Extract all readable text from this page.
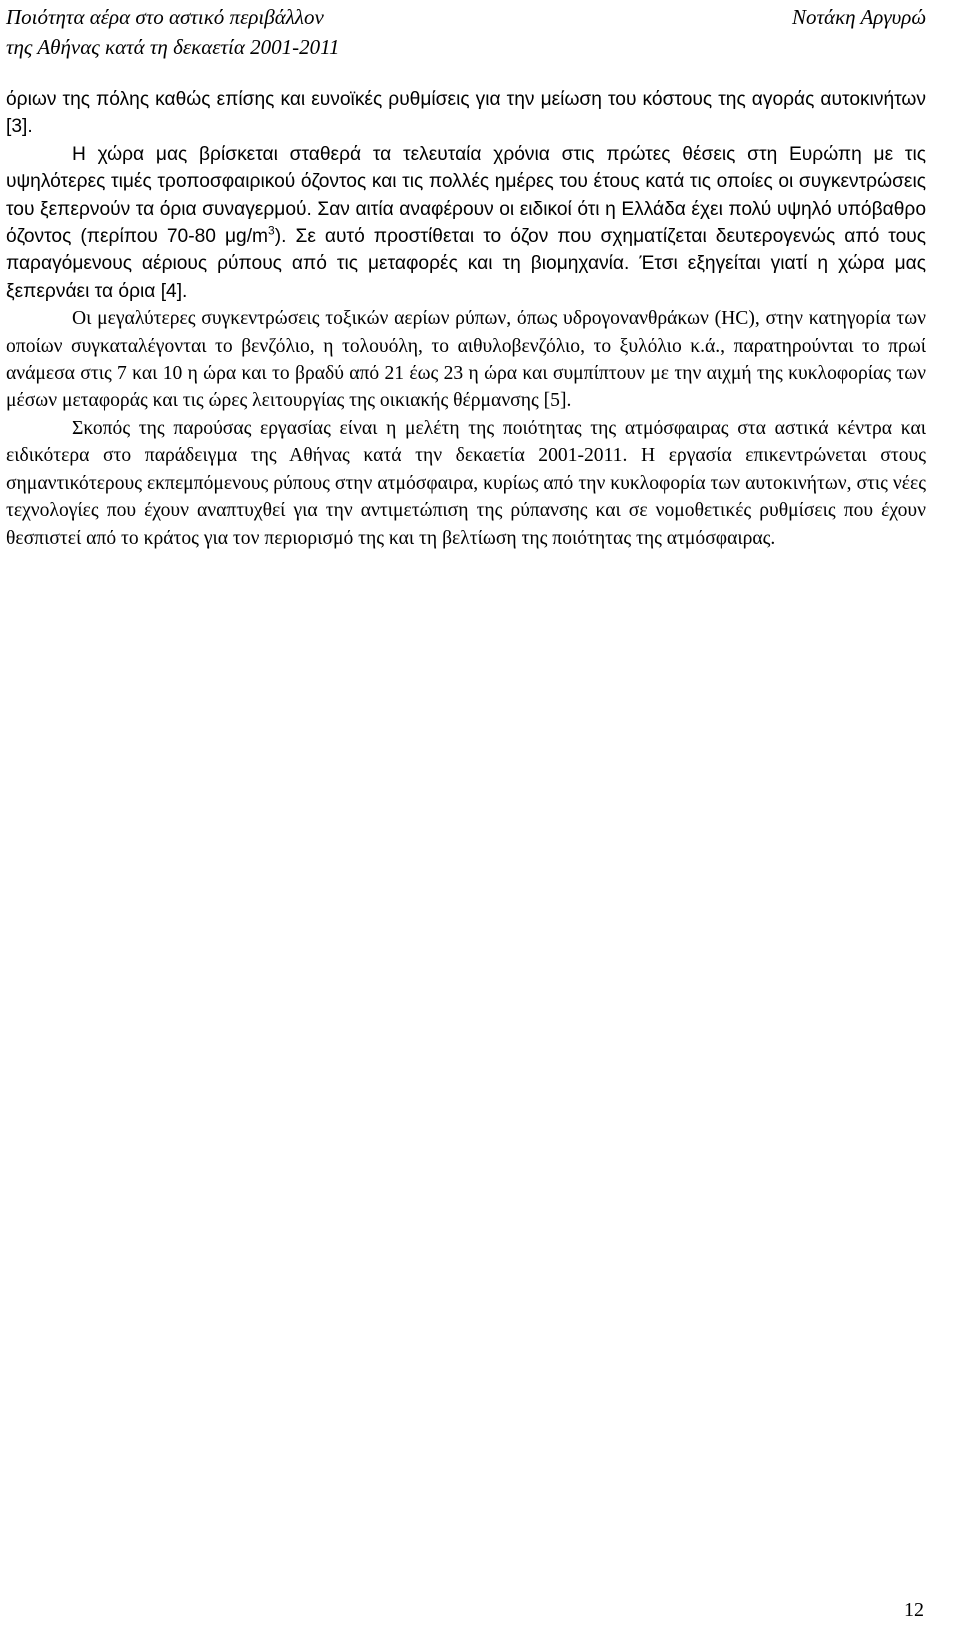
Ποιότητα αέρα στο αστικό περιβάλλον	Νοτάκη Αργυρώ
της Αθήνας κατά τη δεκαετία 2001-2011

όριων της πόλης καθώς επίσης και ευνοϊκές ρυθμίσεις για την μείωση του κόστους της αγοράς αυτοκινήτων [3].

Η χώρα μας βρίσκεται σταθερά τα τελευταία χρόνια στις πρώτες θέσεις στη Ευρώπη με τις υψηλότερες τιμές τροποσφαιρικού όζοντος και τις πολλές ημέρες του έτους κατά τις οποίες οι συγκεντρώσεις του ξεπερνούν τα όρια συναγερμού. Σαν αιτία αναφέρουν οι ειδικοί ότι η Ελλάδα έχει πολύ υψηλό υπόβαθρο όζοντος (περίπου 70-80 $\mu g/m^3$). Σε αυτό προστίθεται το όζον που σχηματίζεται δευτερογενώς από τους παραγόμενους αέριους ρύπους από τις μεταφορές και τη βιομηχανία. Έτσι εξηγείται γιατί η χώρα μας ξεπερνάει τα όρια [4].

Οι μεγαλύτερες συγκεντρώσεις τοξικών αερίων ρύπων, όπως υδρογονανθράκων (HC), στην κατηγορία των οποίων συγκαταλέγονται το βενζόλιο, η τολουόλη, το αιθυλοβενζόλιο, το ξυλόλιο κ.ά., παρατηρούνται το πρωί ανάμεσα στις 7 και 10 η ώρα και το βραδύ από 21 έως 23 η ώρα και συμπίπτουν με την αιχμή της κυκλοφορίας των μέσων μεταφοράς και τις ώρες λειτουργίας της οικιακής θέρμανσης [5].

Σκοπός της παρούσας εργασίας είναι η μελέτη της ποιότητας της ατμόσφαιρας στα αστικά κέντρα και ειδικότερα στο παράδειγμα της Αθήνας κατά την δεκαετία 2001-2011. Η εργασία επικεντρώνεται στους σημαντικότερους εκπεμπόμενους ρύπους στην ατμόσφαιρα, κυρίως από την κυκλοφορία των αυτοκινήτων, στις νέες τεχνολογίες που έχουν αναπτυχθεί για την αντιμετώπιση της ρύπανσης και σε νομοθετικές ρυθμίσεις που έχουν θεσπιστεί από το κράτος για τον περιορισμό της και τη βελτίωση της ποιότητας της ατμόσφαιρας.

12
